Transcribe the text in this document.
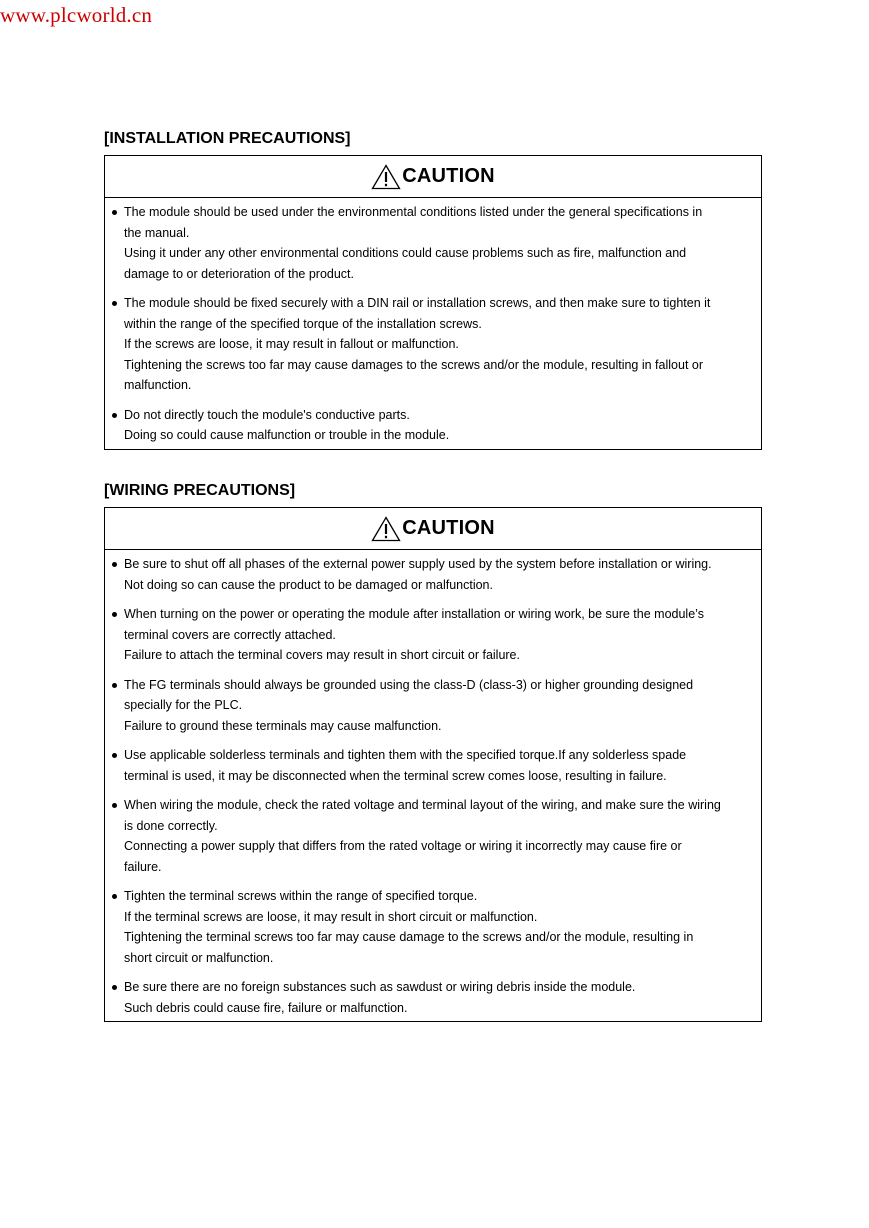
www.plcworld.cn
[INSTALLATION PRECAUTIONS]
CAUTION
The module should be used under the environmental conditions listed under the general specifications in
the manual.
Using it under any other environmental conditions could cause problems such as fire, malfunction and
damage to or deterioration of the product.
The module should be fixed securely with a DIN rail or installation screws, and then make sure to tighten it
within the range of the specified torque of the installation screws.
If the screws are loose, it may result in fallout or malfunction.
Tightening the screws too far may cause damages to the screws and/or the module, resulting in fallout or
malfunction.
Do not directly touch the module's conductive parts.
Doing so could cause malfunction or trouble in the module.
[WIRING PRECAUTIONS]
CAUTION
Be sure to shut off all phases of the external power supply used by the system before installation or wiring.
Not doing so can cause the product to be damaged or malfunction.
When turning on the power or operating the module after installation or wiring work, be sure the module’s
terminal covers are correctly attached.
Failure to attach the terminal covers may result in short circuit or failure.
The FG terminals should always be grounded using the class-D (class-3) or higher grounding designed
specially for the PLC.
Failure to ground these terminals may cause malfunction.
Use applicable solderless terminals and tighten them with the specified torque.If any solderless spade
terminal is used, it may be disconnected when the terminal screw comes loose, resulting in failure.
When wiring the module, check the rated voltage and terminal layout of the wiring, and make sure the wiring
is done correctly.
Connecting a power supply that differs from the rated voltage or wiring it incorrectly may cause fire or
failure.
Tighten the terminal screws within the range of specified torque.
If the terminal screws are loose, it may result in short circuit or malfunction.
Tightening the terminal screws too far may cause damage to the screws and/or the module, resulting in
short circuit or malfunction.
Be sure there are no foreign substances such as sawdust or wiring debris inside the module.
Such debris could cause fire, failure or malfunction.
